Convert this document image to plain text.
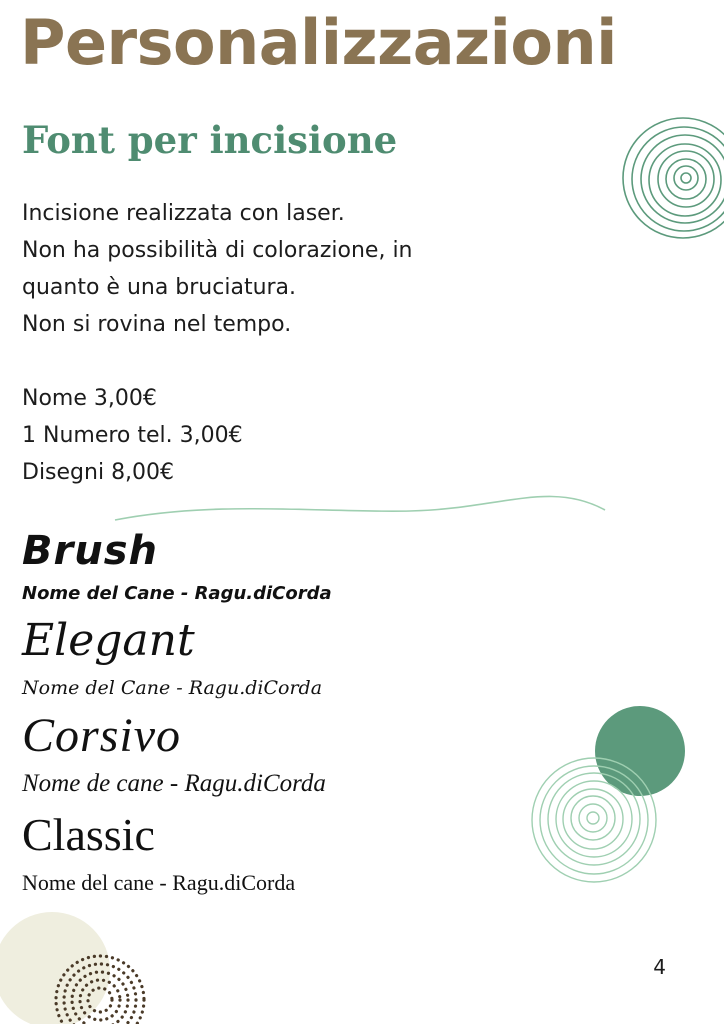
Personalizzazioni
Font per incisione
Incisione realizzata con laser.
Non ha possibilità di colorazione, in
quanto è una bruciatura.
Non si rovina nel tempo.
Nome 3,00€
1 Numero tel. 3,00€
Disegni 8,00€
Brush
Nome del Cane - Ragu.diCorda
Elegant
Nome del Cane - Ragu.diCorda
Corsivo
Nome de cane - Ragu.diCorda
Classic
Nome del cane - Ragu.diCorda
4
